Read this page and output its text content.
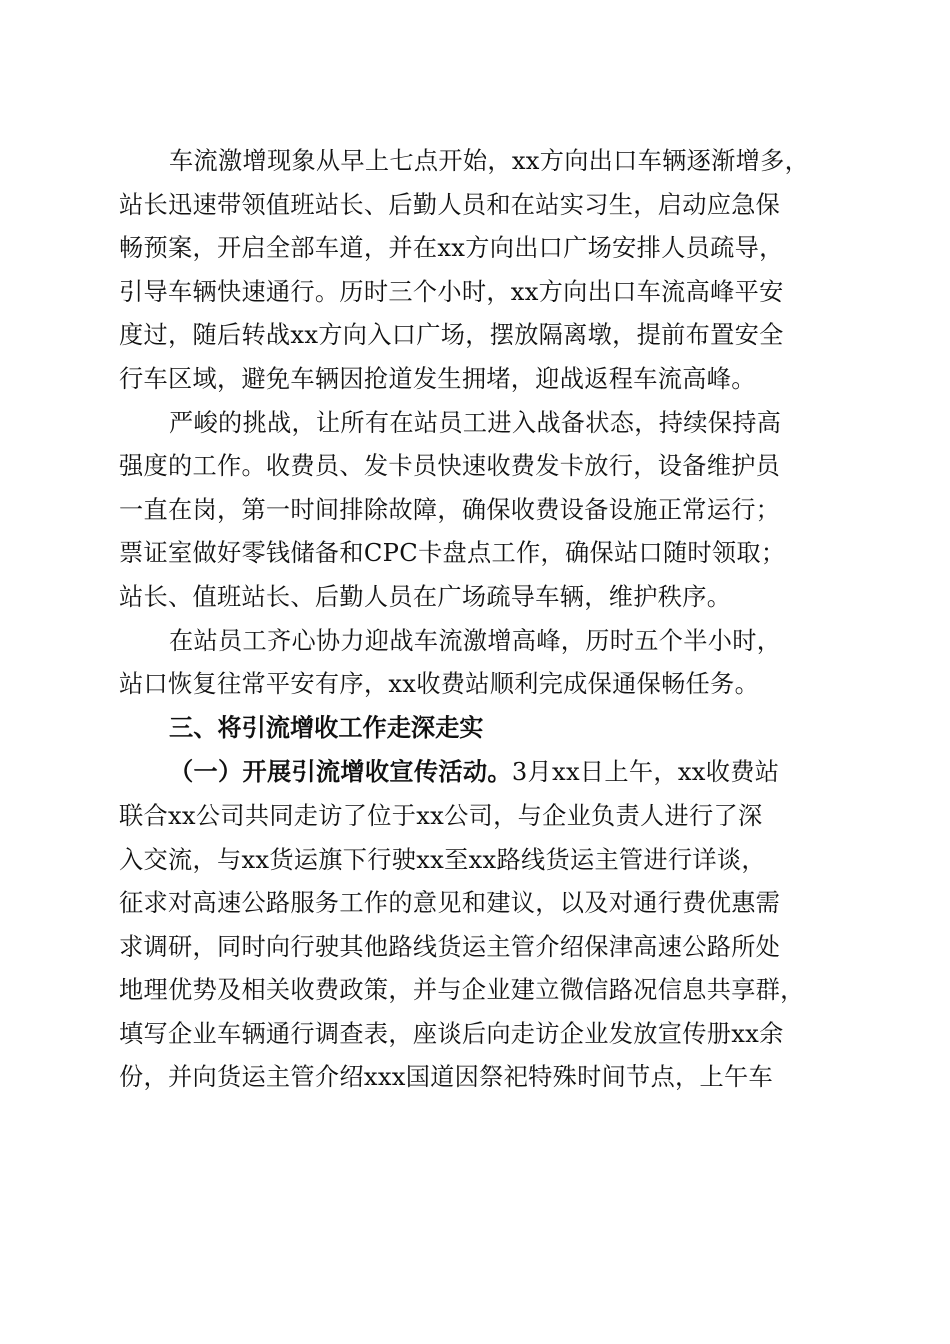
车流激增现象从早上七点开始，xx方向出口车辆逐渐增多，
站长迅速带领值班站长、后勤人员和在站实习生，启动应急保
畅预案，开启全部车道，并在xx方向出口广场安排人员疏导，
引导车辆快速通行。历时三个小时，xx方向出口车流高峰平安
度过，随后转战xx方向入口广场，摆放隔离墩，提前布置安全
行车区域，避免车辆因抢道发生拥堵，迎战返程车流高峰。
严峻的挑战，让所有在站员工进入战备状态，持续保持高
强度的工作。收费员、发卡员快速收费发卡放行，设备维护员
一直在岗，第一时间排除故障，确保收费设备设施正常运行；
票证室做好零钱储备和CPC卡盘点工作，确保站口随时领取；
站长、值班站长、后勤人员在广场疏导车辆，维护秩序。
在站员工齐心协力迎战车流激增高峰，历时五个半小时，
站口恢复往常平安有序，xx收费站顺利完成保通保畅任务。
三、将引流增收工作走深走实
（一）开展引流增收宣传活动。3月xx日上午，xx收费站
联合xx公司共同走访了位于xx公司，与企业负责人进行了深
入交流，与xx货运旗下行驶xx至xx路线货运主管进行详谈，
征求对高速公路服务工作的意见和建议，以及对通行费优惠需
求调研，同时向行驶其他路线货运主管介绍保津高速公路所处
地理优势及相关收费政策，并与企业建立微信路况信息共享群，
填写企业车辆通行调查表，座谈后向走访企业发放宣传册xx余
份，并向货运主管介绍xxx国道因祭祀特殊时间节点，上午车
